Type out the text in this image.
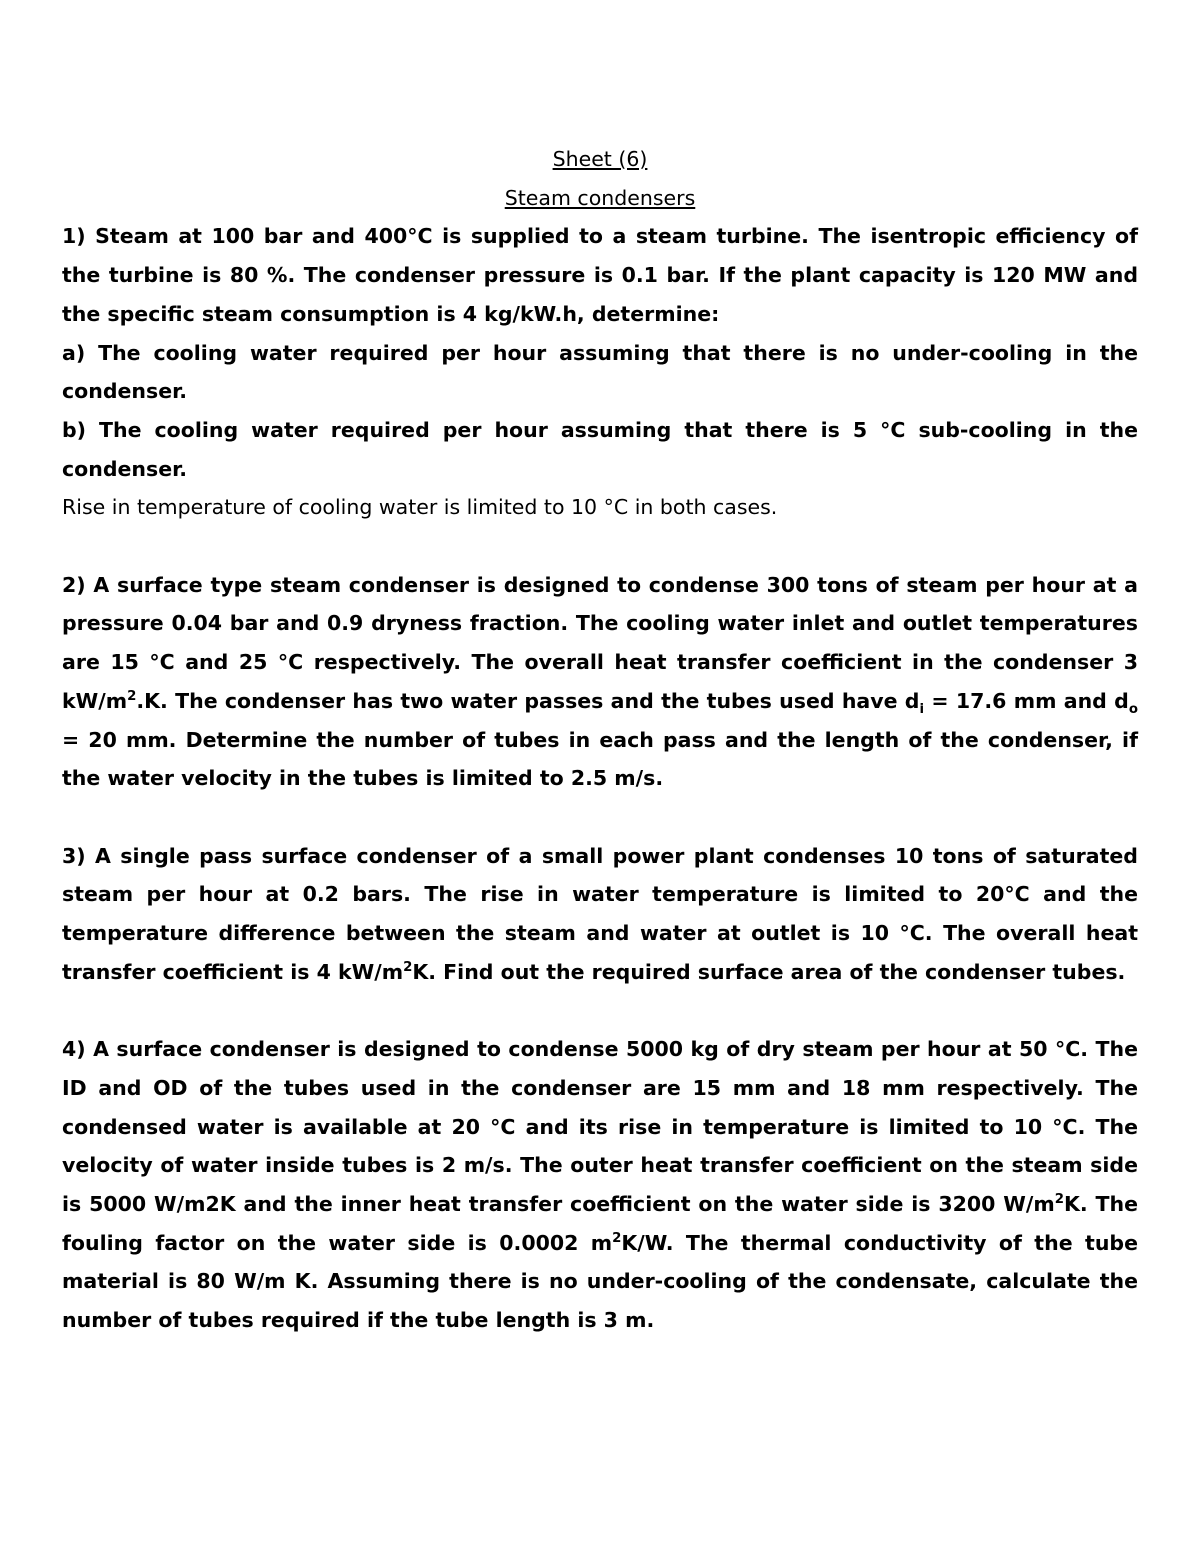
Sheet (6)

Steam condensers

1) Steam at 100 bar and 400°C is supplied to a steam turbine. The isentropic efficiency of the turbine is 80 %. The condenser pressure is 0.1 bar. If the plant capacity is 120 MW and the specific steam consumption is 4 kg/kW.h, determine:

a) The cooling water required per hour assuming that there is no under-cooling in the condenser.

b) The cooling water required per hour assuming that there is 5 °C sub-cooling in the condenser.

Rise in temperature of cooling water is limited to 10 °C in both cases.

2) A surface type steam condenser is designed to condense 300 tons of steam per hour at a pressure 0.04 bar and 0.9 dryness fraction. The cooling water inlet and outlet temperatures are 15 °C and 25 °C respectively. The overall heat transfer coefficient in the condenser 3 $kW/m^2.K$. The condenser has two water passes and the tubes used have $d_i = 17.6$ mm and $d_o = 20$ mm. Determine the number of tubes in each pass and the length of the condenser, if the water velocity in the tubes is limited to 2.5 m/s.

3) A single pass surface condenser of a small power plant condenses 10 tons of saturated steam per hour at 0.2 bars. The rise in water temperature is limited to 20°C and the temperature difference between the steam and water at outlet is 10 °C. The overall heat transfer coefficient is 4 $kW/m^2K$. Find out the required surface area of the condenser tubes.

4) A surface condenser is designed to condense 5000 kg of dry steam per hour at 50 °C. The ID and OD of the tubes used in the condenser are 15 mm and 18 mm respectively. The condensed water is available at 20 °C and its rise in temperature is limited to 10 °C. The velocity of water inside tubes is 2 m/s. The outer heat transfer coefficient on the steam side is 5000 W/m2K and the inner heat transfer coefficient on the water side is 3200 $W/m^2K$. The fouling factor on the water side is 0.0002 $m^2K/W$. The thermal conductivity of the tube material is 80 W/m K. Assuming there is no under-cooling of the condensate, calculate the number of tubes required if the tube length is 3 m.
